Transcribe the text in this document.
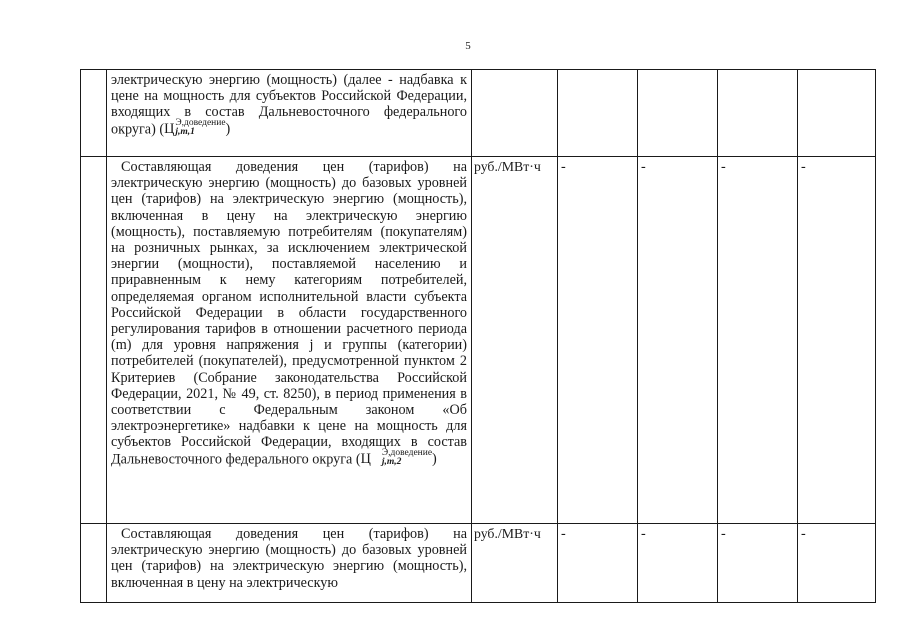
5

	электрическую энергию (мощность) (далее - надбавка к цене на мощность для субъектов Российской Федерации, входящих в состав Дальневосточного федерального округа) (Ц Э,доведение
j,m,1 )					

	Составляющая доведения цен (тарифов) на электрическую энергию (мощность) до базовых уровней цен (тарифов) на электрическую энергию (мощность), включенная в цену на электрическую энергию (мощность), поставляемую потребителям (покупателям) на розничных рынках, за исключением электрической энергии (мощности), поставляемой населению и приравненным к нему категориям потребителей, определяемая органом исполнительной власти субъекта Российской Федерации в области государственного регулирования тарифов в отношении расчетного периода (m) для уровня напряжения j и группы (категории) потребителей (покупателей), предусмотренной пунктом 2 Критериев (Собрание законодательства Российской Федерации, 2021, № 49, ст. 8250), в период применения в соответствии с Федеральным законом «Об электроэнергетике» надбавки к цене на мощность для субъектов Российской Федерации, входящих в состав Дальневосточного федерального округа (Ц Э,доведение
j,m,2 )	руб./МВт·ч	-	-	-	-

	Составляющая доведения цен (тарифов) на электрическую энергию (мощность) до базовых уровней цен (тарифов) на электрическую энергию (мощность), включенная в цену на электрическую	руб./МВт·ч	-	-	-	-
